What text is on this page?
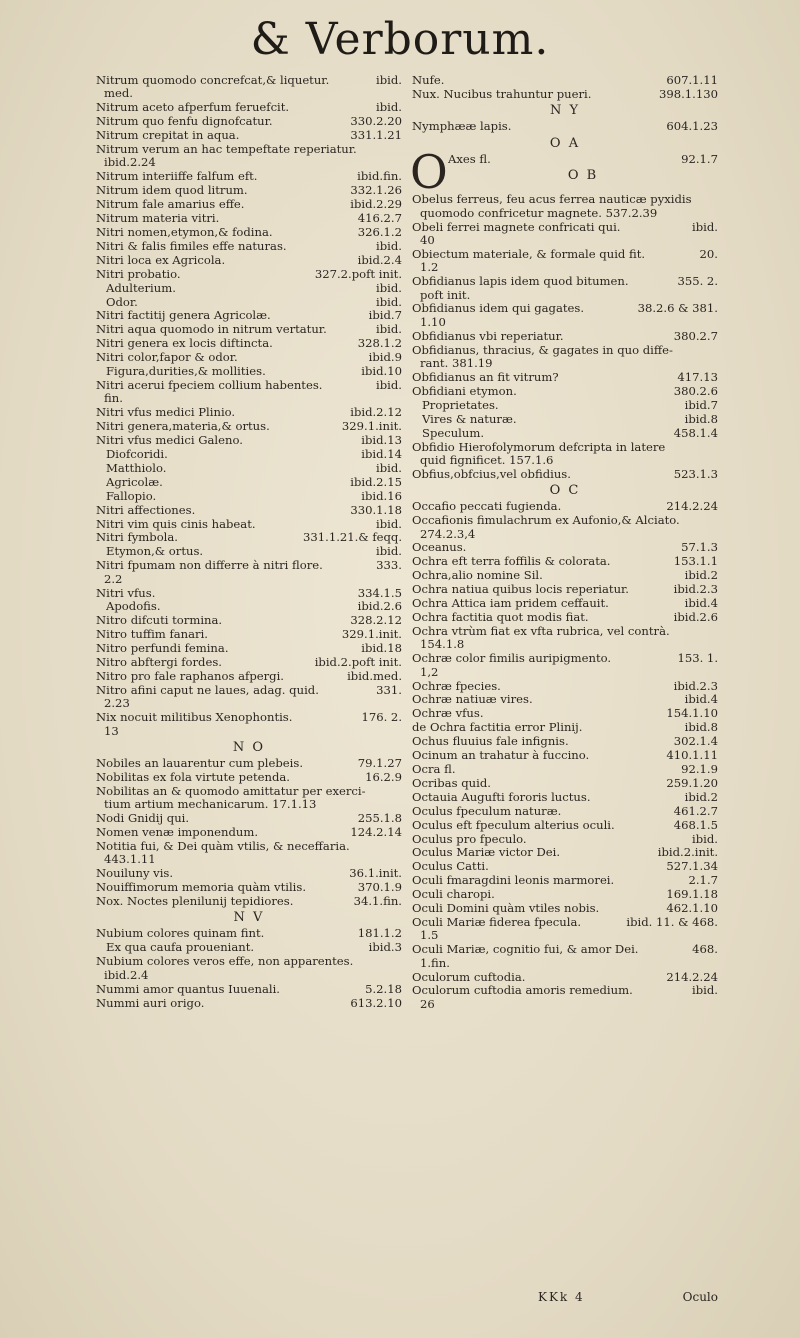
& Verborum.
Nitrum quomodo concrefcat,& liquetur.	ibid.
med.
Nitrum aceto afperfum feruefcit.	ibid.
Nitrum quo fenfu dignofcatur.	330.2.20
Nitrum crepitat in aqua.	331.1.21
Nitrum verum an hac tempeftate reperiatur.
ibid.2.24
Nitrum interiiffe falfum eft.	ibid.fin.
Nitrum idem quod litrum.	332.1.26
Nitrum fale amarius effe.	ibid.2.29
Nitrum materia vitri.	416.2.7
Nitri nomen,etymon,& fodina.	326.1.2
Nitri & falis fimiles effe naturas.	ibid.
Nitri loca ex Agricola.	ibid.2.4
Nitri probatio.	327.2.poft init.
Adulterium.	ibid.
Odor.	ibid.
Nitri factitij genera Agricolæ.	ibid.7
Nitri aqua quomodo in nitrum vertatur.	ibid.
Nitri genera ex locis diftincta.	328.1.2
Nitri color,fapor & odor.	ibid.9
Figura,durities,& mollities.	ibid.10
Nitri acerui fpeciem collium habentes.	ibid.
fin.
Nitri vfus medici Plinio.	ibid.2.12
Nitri genera,materia,& ortus.	329.1.init.
Nitri vfus medici Galeno.	ibid.13
Diofcoridi.	ibid.14
Matthiolo.	ibid.
Agricolæ.	ibid.2.15
Fallopio.	ibid.16
Nitri affectiones.	330.1.18
Nitri vim quis cinis habeat.	ibid.
Nitri fymbola.	331.1.21.& feqq.
Etymon,& ortus.	ibid.
Nitri fpumam non differre à nitri flore.	333.
2.2
Nitri vfus.	334.1.5
Apodofis.	ibid.2.6
Nitro difcuti tormina.	328.2.12
Nitro tuffim fanari.	329.1.init.
Nitro perfundi femina.	ibid.18
Nitro abftergi fordes.	ibid.2.poft init.
Nitro pro fale raphanos afpergi.	ibid.med.
Nitro afini caput ne laues, adag. quid.	331.
2.23
Nix nocuit militibus Xenophontis.	176. 2.
13
N O
Nobiles an lauarentur cum plebeis.	79.1.27
Nobilitas ex fola virtute petenda.	16.2.9
Nobilitas an & quomodo amittatur per exerci-
tium artium mechanicarum. 17.1.13
Nodi Gnidij qui.	255.1.8
Nomen venæ imponendum.	124.2.14
Notitia fui, & Dei quàm vtilis, & neceffaria.
443.1.11
Nouiluny vis.	36.1.init.
Nouiffimorum memoria quàm vtilis.	370.1.9
Nox. Noctes plenilunij tepidiores.	34.1.fin.
N V
Nubium colores quinam fint.	181.1.2
Ex qua caufa proueniant.	ibid.3
Nubium colores veros effe, non apparentes.
ibid.2.4
Nummi amor quantus Iuuenali.	5.2.18
Nummi auri origo.	613.2.10
Nufe.	607.1.11
Nux. Nucibus trahuntur pueri.	398.1.130
N Y
Nymphææ lapis.	604.1.23
O A
O Axes fl.	92.1.7
O B
Obelus ferreus, feu acus ferrea nauticæ pyxidis
quomodo confricetur magnete. 537.2.39
Obeli ferrei magnete confricati qui.	ibid.
40
Obiectum materiale, & formale quid fit.	20.
1.2
Obfidianus lapis idem quod bitumen.	355. 2.
poft init.
Obfidianus idem qui gagates.	38.2.6 & 381.
1.10
Obfidianus vbi reperiatur.	380.2.7
Obfidianus, thracius, & gagates in quo diffe-
rant. 381.19
Obfidianus an fit vitrum?	417.13
Obfidiani etymon.	380.2.6
Proprietates.	ibid.7
Vires & naturæ.	ibid.8
Speculum.	458.1.4
Obfidio Hierofolymorum defcripta in latere
quid fignificet. 157.1.6
Obfius,obfcius,vel obfidius.	523.1.3
O C
Occafio peccati fugienda.	214.2.24
Occafionis fimulachrum ex Aufonio,& Alciato.
274.2.3,4
Oceanus.	57.1.3
Ochra eft terra foffilis & colorata.	153.1.1
Ochra,alio nomine Sil.	ibid.2
Ochra natiua quibus locis reperiatur.	ibid.2.3
Ochra Attica iam pridem ceffauit.	ibid.4
Ochra factitia quot modis fiat.	ibid.2.6
Ochra vtrùm fiat ex vfta rubrica, vel contrà.
154.1.8
Ochræ color fimilis auripigmento.	153. 1.
1,2
Ochræ fpecies.	ibid.2.3
Ochræ natiuæ vires.	ibid.4
Ochræ vfus.	154.1.10
de Ochra factitia error Plinij.	ibid.8
Ochus fluuius fale infignis.	302.1.4
Ocinum an trahatur à fuccino.	410.1.11
Ocra fl.	92.1.9
Ocribas quid.	259.1.20
Octauia Augufti fororis luctus.	ibid.2
Oculus fpeculum naturæ.	461.2.7
Oculus eft fpeculum alterius oculi.	468.1.5
Oculus pro fpeculo.	ibid.
Oculus Mariæ victor Dei.	ibid.2.init.
Oculus Catti.	527.1.34
Oculi fmaragdini leonis marmorei.	2.1.7
Oculi charopi.	169.1.18
Oculi Domini quàm vtiles nobis.	462.1.10
Oculi Mariæ fiderea fpecula.	ibid. 11. & 468.
1.5
Oculi Mariæ, cognitio fui, & amor Dei.	468.
1.fin.
Oculorum cuftodia.	214.2.24
Oculorum cuftodia amoris remedium.	ibid.
26
KKk 4	Oculo
